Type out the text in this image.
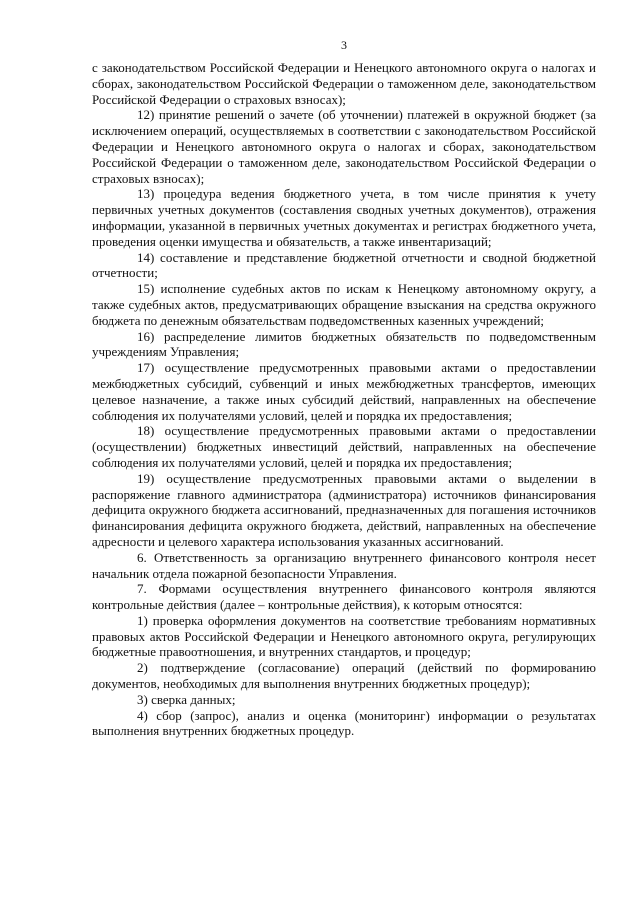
3

с законодательством Российской Федерации и Ненецкого автономного округа о налогах и сборах, законодательством Российской Федерации о таможенном деле, законодательством Российской Федерации о страховых взносах);

12) принятие решений о зачете (об уточнении) платежей в окружной бюджет (за исключением операций, осуществляемых в соответствии с законодательством Российской Федерации и Ненецкого автономного округа о налогах и сборах, законодательством Российской Федерации о таможенном деле, законодательством Российской Федерации о страховых взносах);

13) процедура ведения бюджетного учета, в том числе принятия к учету первичных учетных документов (составления сводных учетных документов), отражения информации, указанной в первичных учетных документах и регистрах бюджетного учета, проведения оценки имущества и обязательств, а также инвентаризаций;

14) составление и представление бюджетной отчетности и сводной бюджетной отчетности;

15) исполнение судебных актов по искам к Ненецкому автономному округу, а также судебных актов, предусматривающих обращение взыскания на средства окружного бюджета по денежным обязательствам подведомственных казенных учреждений;

16) распределение лимитов бюджетных обязательств по подведомственным учреждениям Управления;

17) осуществление предусмотренных правовыми актами о предоставлении межбюджетных субсидий, субвенций и иных межбюджетных трансфертов, имеющих целевое назначение, а также иных субсидий действий, направленных на обеспечение соблюдения их получателями условий, целей и порядка их предоставления;

18) осуществление предусмотренных правовыми актами о предоставлении (осуществлении) бюджетных инвестиций действий, направленных на обеспечение соблюдения их получателями условий, целей и порядка их предоставления;

19) осуществление предусмотренных правовыми актами о выделении в распоряжение главного администратора (администратора) источников финансирования дефицита окружного бюджета ассигнований, предназначенных для погашения источников финансирования дефицита окружного бюджета, действий, направленных на обеспечение адресности и целевого характера использования указанных ассигнований.

6. Ответственность за организацию внутреннего финансового контроля несет начальник отдела пожарной безопасности Управления.

7. Формами осуществления внутреннего финансового контроля являются контрольные действия (далее – контрольные действия), к которым относятся:

1) проверка оформления документов на соответствие требованиям нормативных правовых актов Российской Федерации и Ненецкого автономного округа, регулирующих бюджетные правоотношения, и внутренних стандартов, и процедур;

2) подтверждение (согласование) операций (действий по формированию документов, необходимых для выполнения внутренних бюджетных процедур);

3) сверка данных;

4) сбор (запрос), анализ и оценка (мониторинг) информации о результатах выполнения внутренних бюджетных процедур.
